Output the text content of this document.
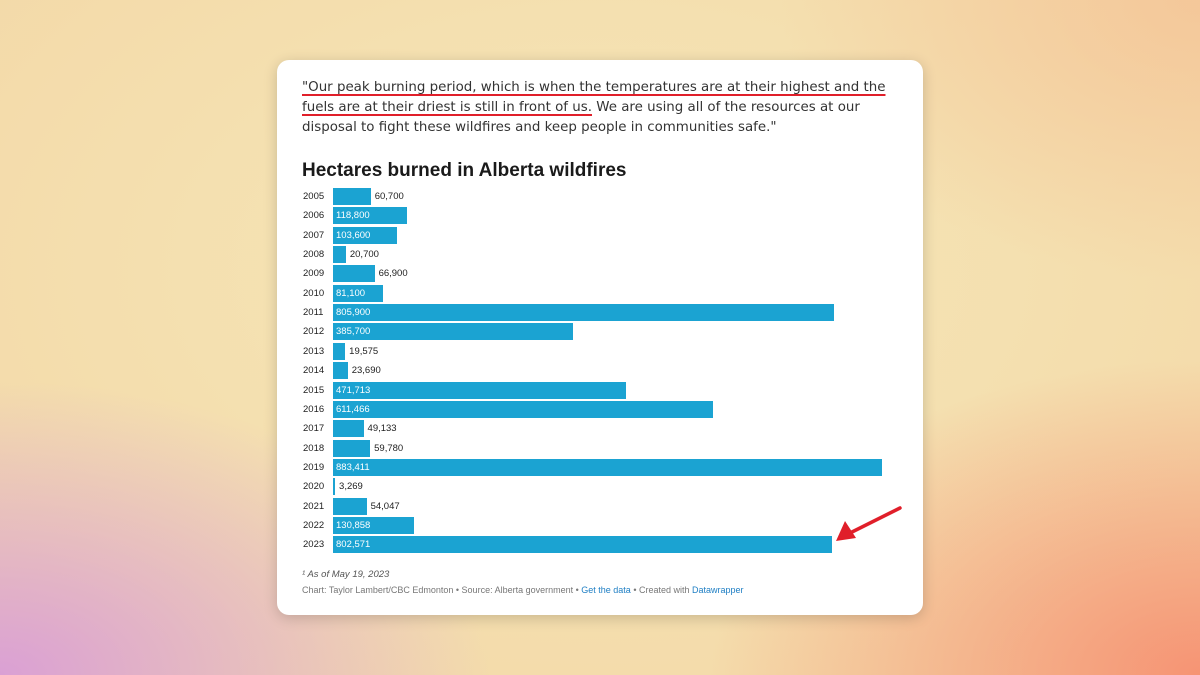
"Our peak burning period, which is when the temperatures are at their highest and the fuels are at their driest is still in front of us. We are using all of the resources at our disposal to fight these wildfires and keep people in communities safe."

Hectares burned in Alberta wildfires
2005	60,700
2006	118,800
2007	103,600
2008	20,700
2009	66,900
2010	81,100
2011	805,900
2012	385,700
2013	19,575
2014	23,690
2015	471,713
2016	611,466
2017	49,133
2018	59,780
2019	883,411
2020	3,269
2021	54,047
2022	130,858
2023	802,571
¹ As of May 19, 2023
Chart: Taylor Lambert/CBC Edmonton • Source: Alberta government • Get the data • Created with Datawrapper
